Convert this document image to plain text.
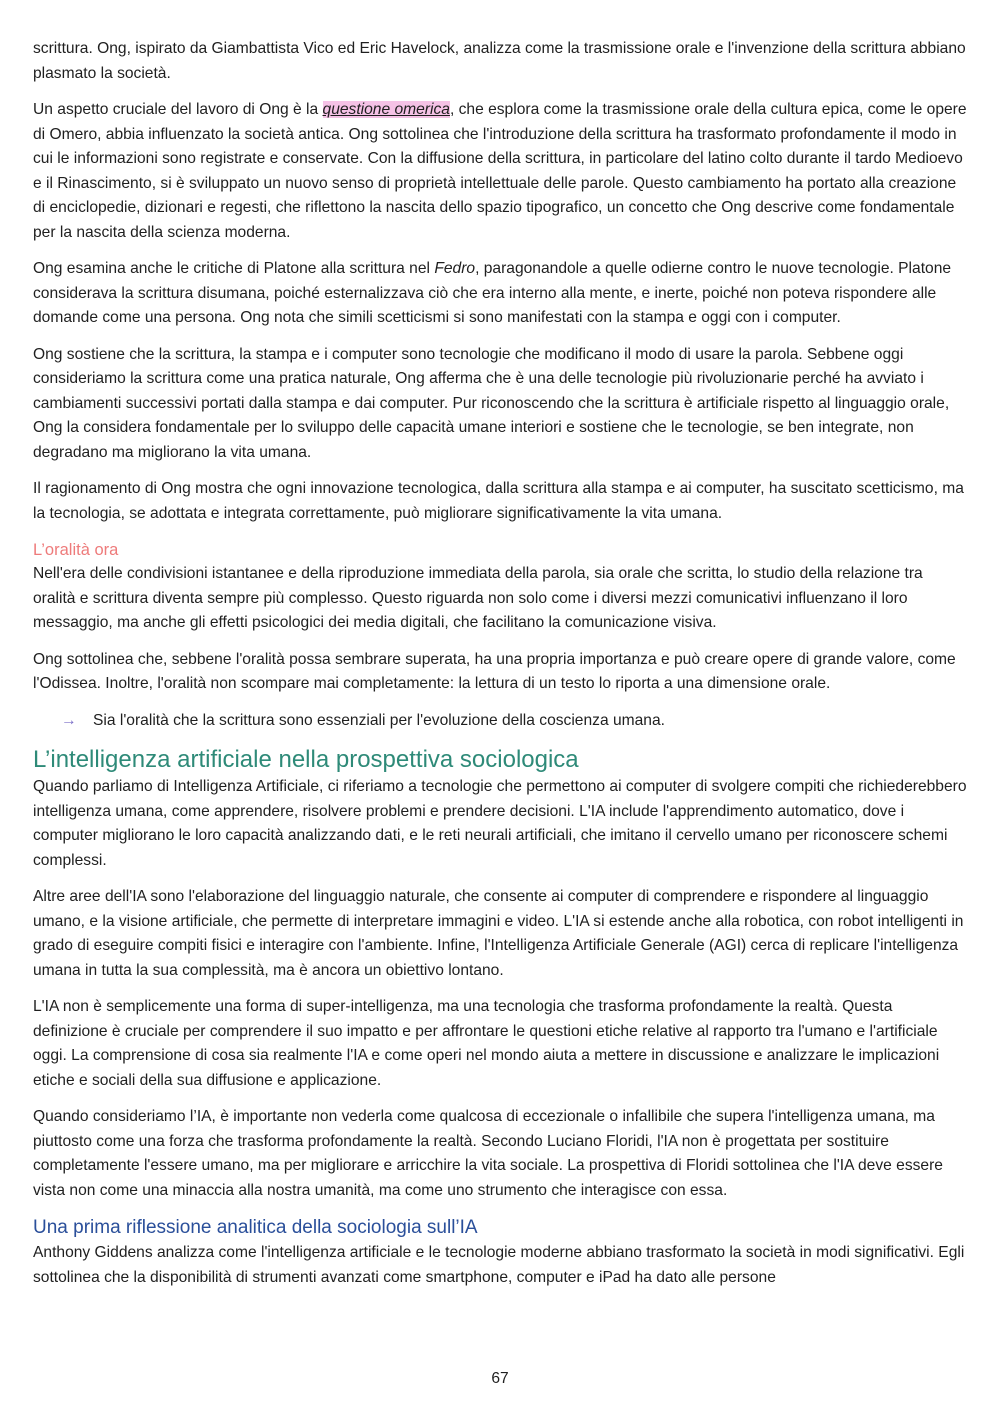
scrittura. Ong, ispirato da Giambattista Vico ed Eric Havelock, analizza come la trasmissione orale e l'invenzione della scrittura abbiano plasmato la società.

Un aspetto cruciale del lavoro di Ong è la questione omerica, che esplora come la trasmissione orale della cultura epica, come le opere di Omero, abbia influenzato la società antica. Ong sottolinea che l'introduzione della scrittura ha trasformato profondamente il modo in cui le informazioni sono registrate e conservate. Con la diffusione della scrittura, in particolare del latino colto durante il tardo Medioevo e il Rinascimento, si è sviluppato un nuovo senso di proprietà intellettuale delle parole. Questo cambiamento ha portato alla creazione di enciclopedie, dizionari e regesti, che riflettono la nascita dello spazio tipografico, un concetto che Ong descrive come fondamentale per la nascita della scienza moderna.

Ong esamina anche le critiche di Platone alla scrittura nel Fedro, paragonandole a quelle odierne contro le nuove tecnologie. Platone considerava la scrittura disumana, poiché esternalizzava ciò che era interno alla mente, e inerte, poiché non poteva rispondere alle domande come una persona. Ong nota che simili scetticismi si sono manifestati con la stampa e oggi con i computer.

Ong sostiene che la scrittura, la stampa e i computer sono tecnologie che modificano il modo di usare la parola. Sebbene oggi consideriamo la scrittura come una pratica naturale, Ong afferma che è una delle tecnologie più rivoluzionarie perché ha avviato i cambiamenti successivi portati dalla stampa e dai computer. Pur riconoscendo che la scrittura è artificiale rispetto al linguaggio orale, Ong la considera fondamentale per lo sviluppo delle capacità umane interiori e sostiene che le tecnologie, se ben integrate, non degradano ma migliorano la vita umana.

Il ragionamento di Ong mostra che ogni innovazione tecnologica, dalla scrittura alla stampa e ai computer, ha suscitato scetticismo, ma la tecnologia, se adottata e integrata correttamente, può migliorare significativamente la vita umana.

L’oralità ora

Nell'era delle condivisioni istantanee e della riproduzione immediata della parola, sia orale che scritta, lo studio della relazione tra oralità e scrittura diventa sempre più complesso. Questo riguarda non solo come i diversi mezzi comunicativi influenzano il loro messaggio, ma anche gli effetti psicologici dei media digitali, che facilitano la comunicazione visiva.

Ong sottolinea che, sebbene l'oralità possa sembrare superata, ha una propria importanza e può creare opere di grande valore, come l'Odissea. Inoltre, l'oralità non scompare mai completamente: la lettura di un testo lo riporta a una dimensione orale.

→	Sia l'oralità che la scrittura sono essenziali per l'evoluzione della coscienza umana.
L’intelligenza artificiale nella prospettiva sociologica

Quando parliamo di Intelligenza Artificiale, ci riferiamo a tecnologie che permettono ai computer di svolgere compiti che richiederebbero intelligenza umana, come apprendere, risolvere problemi e prendere decisioni. L'IA include l'apprendimento automatico, dove i computer migliorano le loro capacità analizzando dati, e le reti neurali artificiali, che imitano il cervello umano per riconoscere schemi complessi.

Altre aree dell'IA sono l'elaborazione del linguaggio naturale, che consente ai computer di comprendere e rispondere al linguaggio umano, e la visione artificiale, che permette di interpretare immagini e video. L'IA si estende anche alla robotica, con robot intelligenti in grado di eseguire compiti fisici e interagire con l'ambiente. Infine, l'Intelligenza Artificiale Generale (AGI) cerca di replicare l'intelligenza umana in tutta la sua complessità, ma è ancora un obiettivo lontano.

L'IA non è semplicemente una forma di super-intelligenza, ma una tecnologia che trasforma profondamente la realtà. Questa definizione è cruciale per comprendere il suo impatto e per affrontare le questioni etiche relative al rapporto tra l'umano e l'artificiale oggi. La comprensione di cosa sia realmente l'IA e come operi nel mondo aiuta a mettere in discussione e analizzare le implicazioni etiche e sociali della sua diffusione e applicazione.

Quando consideriamo l’IA, è importante non vederla come qualcosa di eccezionale o infallibile che supera l'intelligenza umana, ma piuttosto come una forza che trasforma profondamente la realtà. Secondo Luciano Floridi, l'IA non è progettata per sostituire completamente l'essere umano, ma per migliorare e arricchire la vita sociale. La prospettiva di Floridi sottolinea che l'IA deve essere vista non come una minaccia alla nostra umanità, ma come uno strumento che interagisce con essa.

Una prima riflessione analitica della sociologia sull’IA

Anthony Giddens analizza come l'intelligenza artificiale e le tecnologie moderne abbiano trasformato la società in modi significativi. Egli sottolinea che la disponibilità di strumenti avanzati come smartphone, computer e iPad ha dato alle persone

67
